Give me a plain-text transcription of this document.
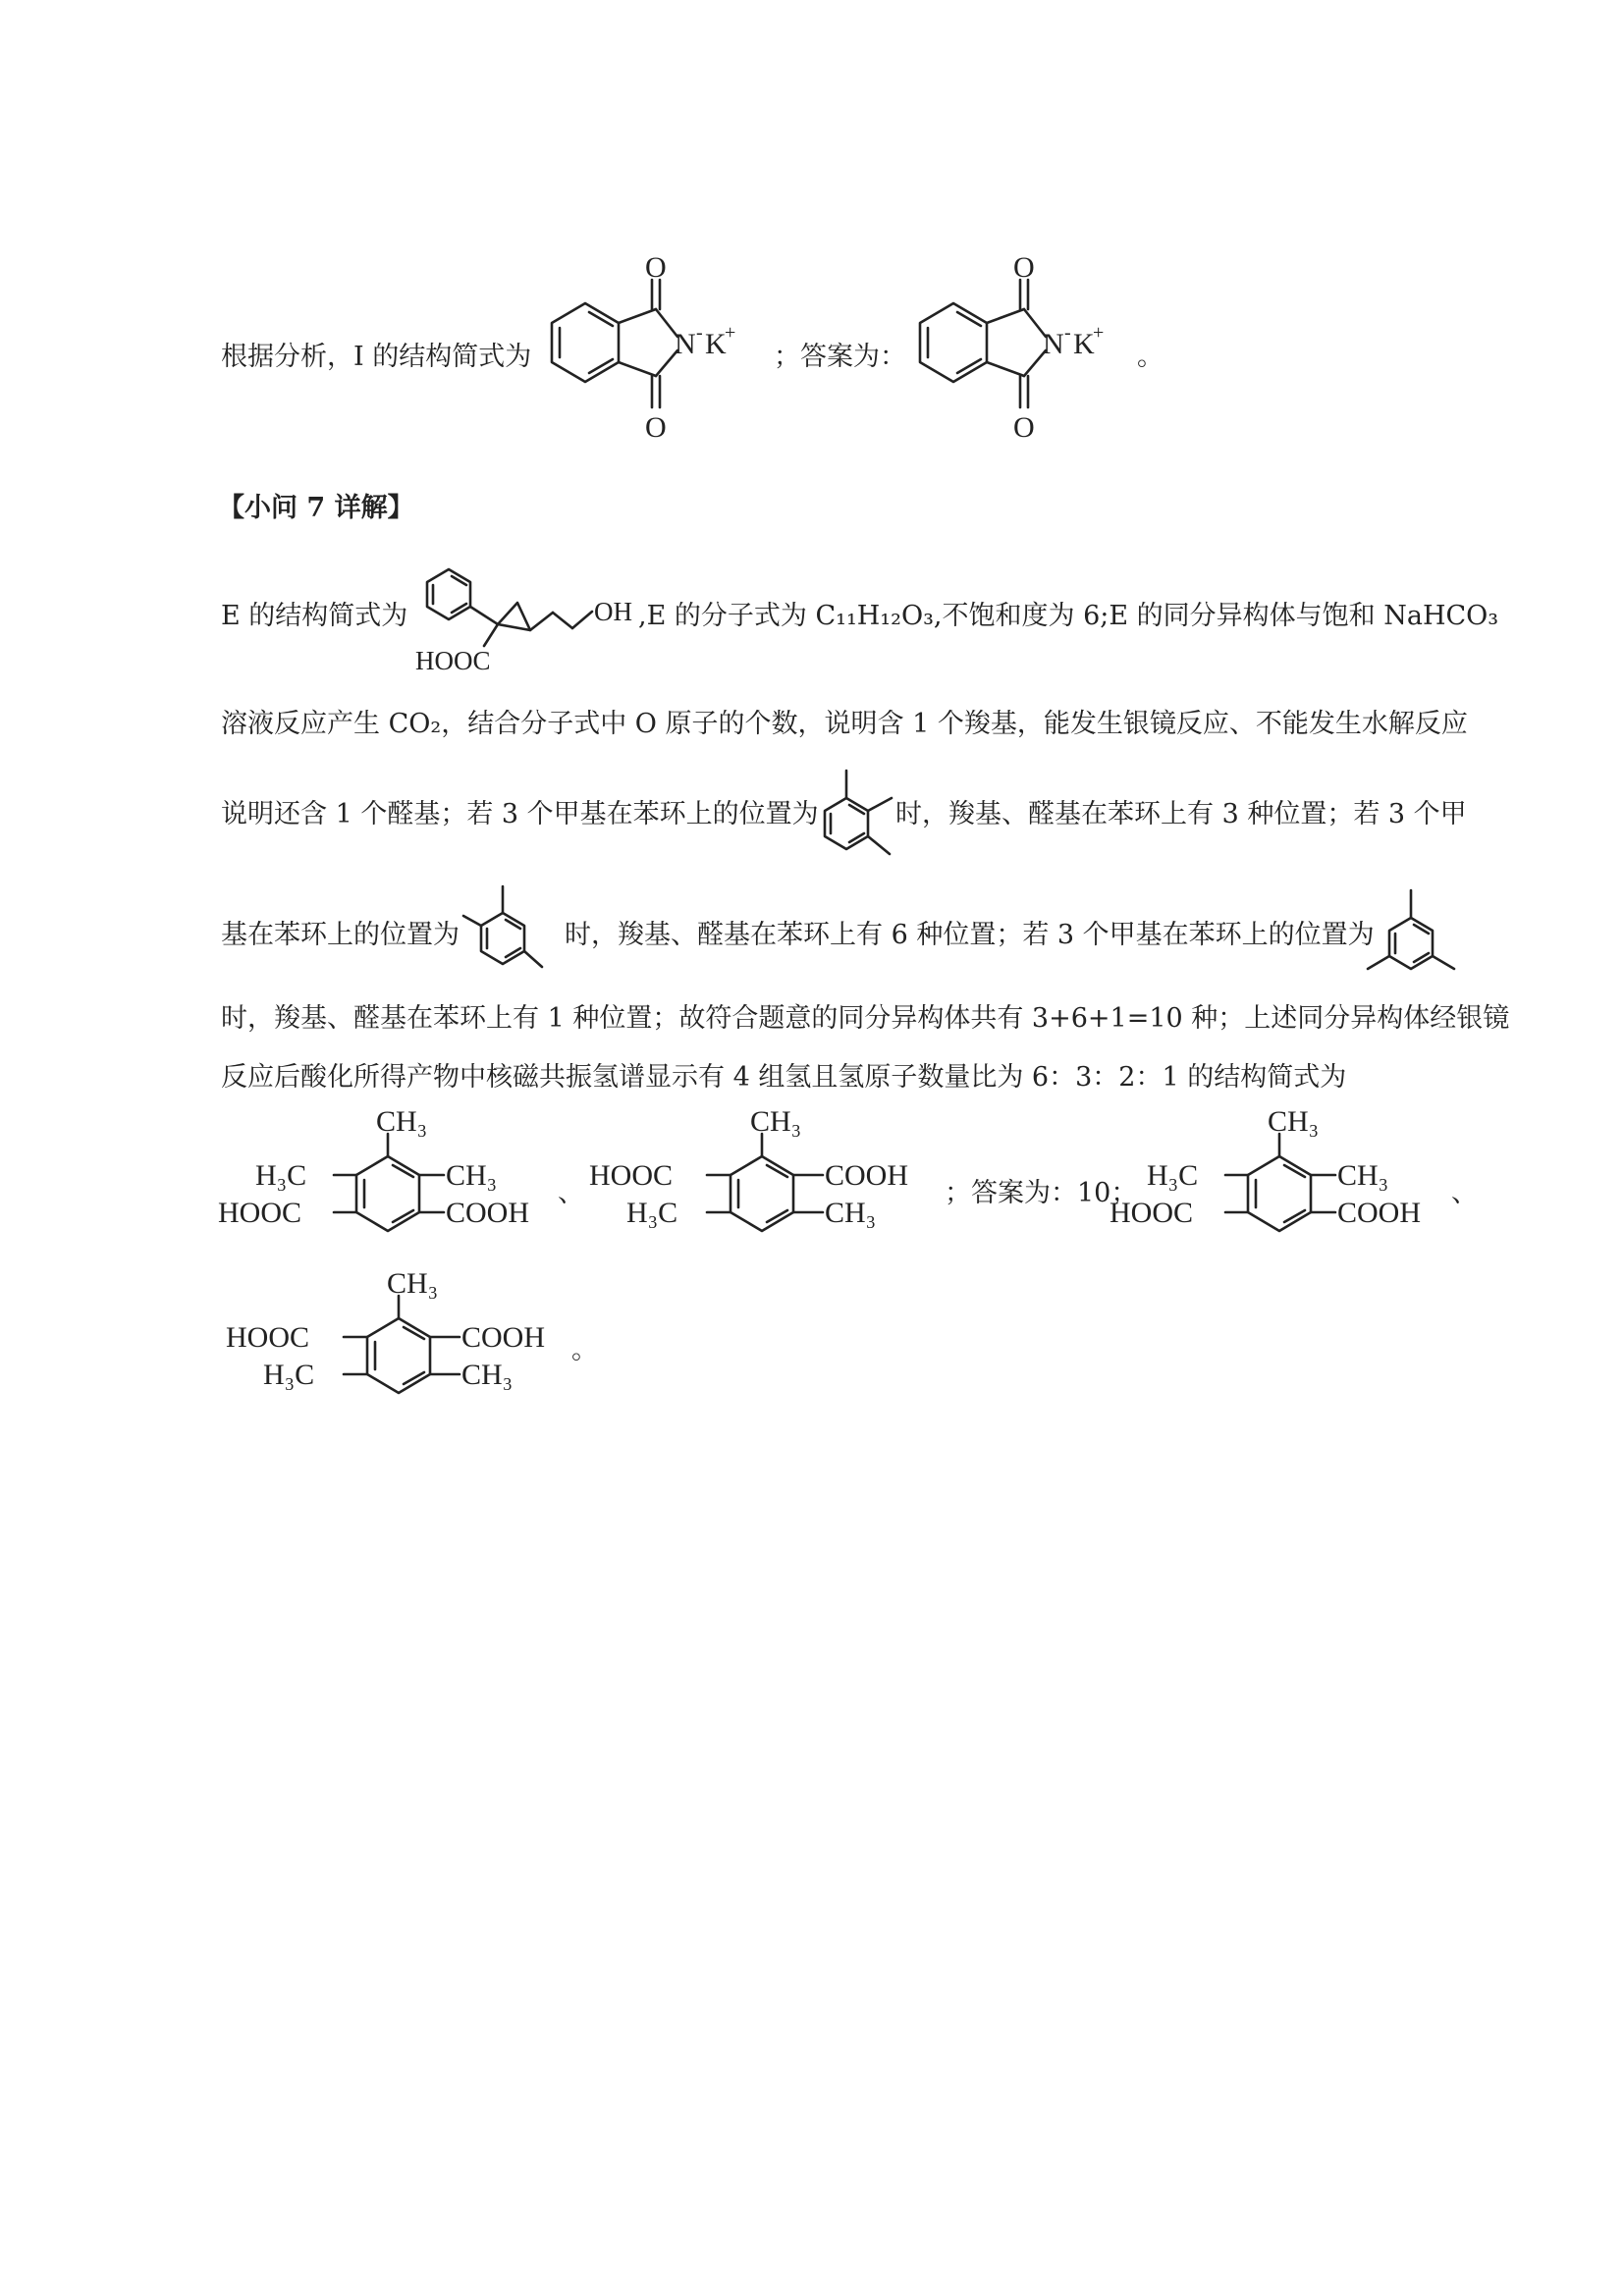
根据分析，I 的结构简式为
O
O
N - K
+
；答案为：
O
O
N - K
+
。
【小问 7 详解】
E 的结构简式为	OH
HOOC
,E 的分子式为 C₁₁H₁₂O₃,不饱和度为 6;E 的同分异构体与饱和 NaHCO₃
溶液反应产生 CO₂，结合分子式中 O 原子的个数，说明含 1 个羧基，能发生银镜反应、不能发生水解反应
说明还含 1 个醛基；若 3 个甲基在苯环上的位置为	时，羧基、醛基在苯环上有 3 种位置；若 3 个甲
基在苯环上的位置为	时，羧基、醛基在苯环上有 6 种位置；若 3 个甲基在苯环上的位置为
时，羧基、醛基在苯环上有 1 种位置；故符合题意的同分异构体共有 3+6+1=10 种；上述同分异构体经银镜
反应后酸化所得产物中核磁共振氢谱显示有 4 组氢且氢原子数量比为 6：3：2：1 的结构简式为
CH₃
CH₃
H₃C
COOH
HOOC
、
CH₃
COOH
HOOC
CH₃
H₃C
；答案为：10；
CH₃
CH₃
H₃C
COOH
HOOC
、
CH₃
COOH
HOOC
CH₃
H₃C
。
